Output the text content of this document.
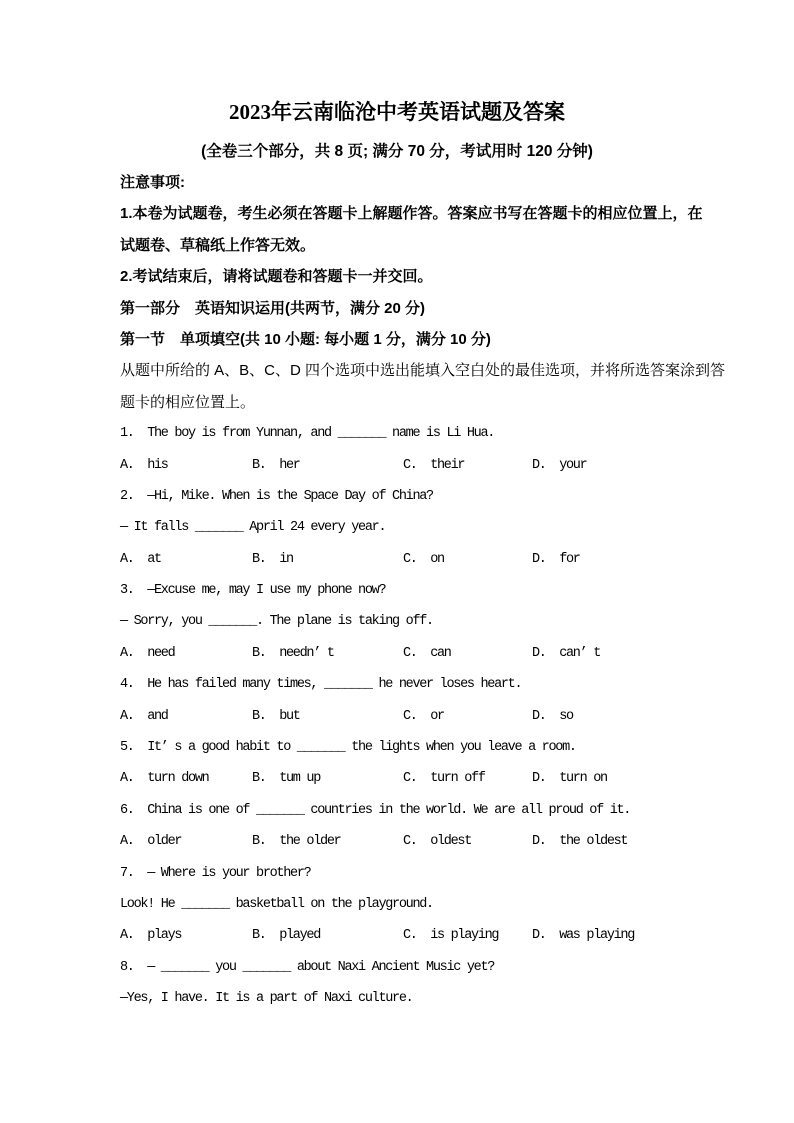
2023年云南临沧中考英语试题及答案
(全卷三个部分，共 8 页; 满分 70 分，考试用时 120 分钟)
注意事项:
1.本卷为试题卷，考生必须在答题卡上解题作答。答案应书写在答题卡的相应位置上，在
试题卷、草稿纸上作答无效。
2.考试结束后，请将试题卷和答题卡一并交回。
第一部分　英语知识运用(共两节，满分 20 分)
第一节　单项填空(共 10 小题: 每小题 1 分，满分 10 分)
从题中所给的 A、B、C、D 四个选项中选出能填入空白处的最佳选项，并将所选答案涂到答
题卡的相应位置上。
1.  The boy is from Yunnan, and _______ name is Li Hua.

A.  his

	B.  her

	C.  their

	D.  your

2.  —Hi, Mike. When is the Space Day of China?
— It falls _______ April 24 every year.

A.  at

	B.  in

	C.  on

	D.  for

3.  —Excuse me, may I use my phone now?
— Sorry, you _______. The plane is taking off.

A.  need

	B.  needn’ t

	C.  can

	D.  can’ t

4.  He has failed many times, _______ he never loses heart.

A.  and

	B.  but

	C.  or

	D.  so

5.  It’ s a good habit to _______ the lights when you leave a room.

A.  turn down

	B.  tum up

	C.  turn off

	D.  turn on

6.  China is one of _______ countries in the world. We are all proud of it.

A.  older

	B.  the older

	C.  oldest

	D.  the oldest

7.  — Where is your brother?
Look! He _______ basketball on the playground.

A.  plays

	B.  played

	C.  is playing

	D.  was playing

8.  — _______ you _______ about Naxi Ancient Music yet?
—Yes, I have. It is a part of Naxi culture.
